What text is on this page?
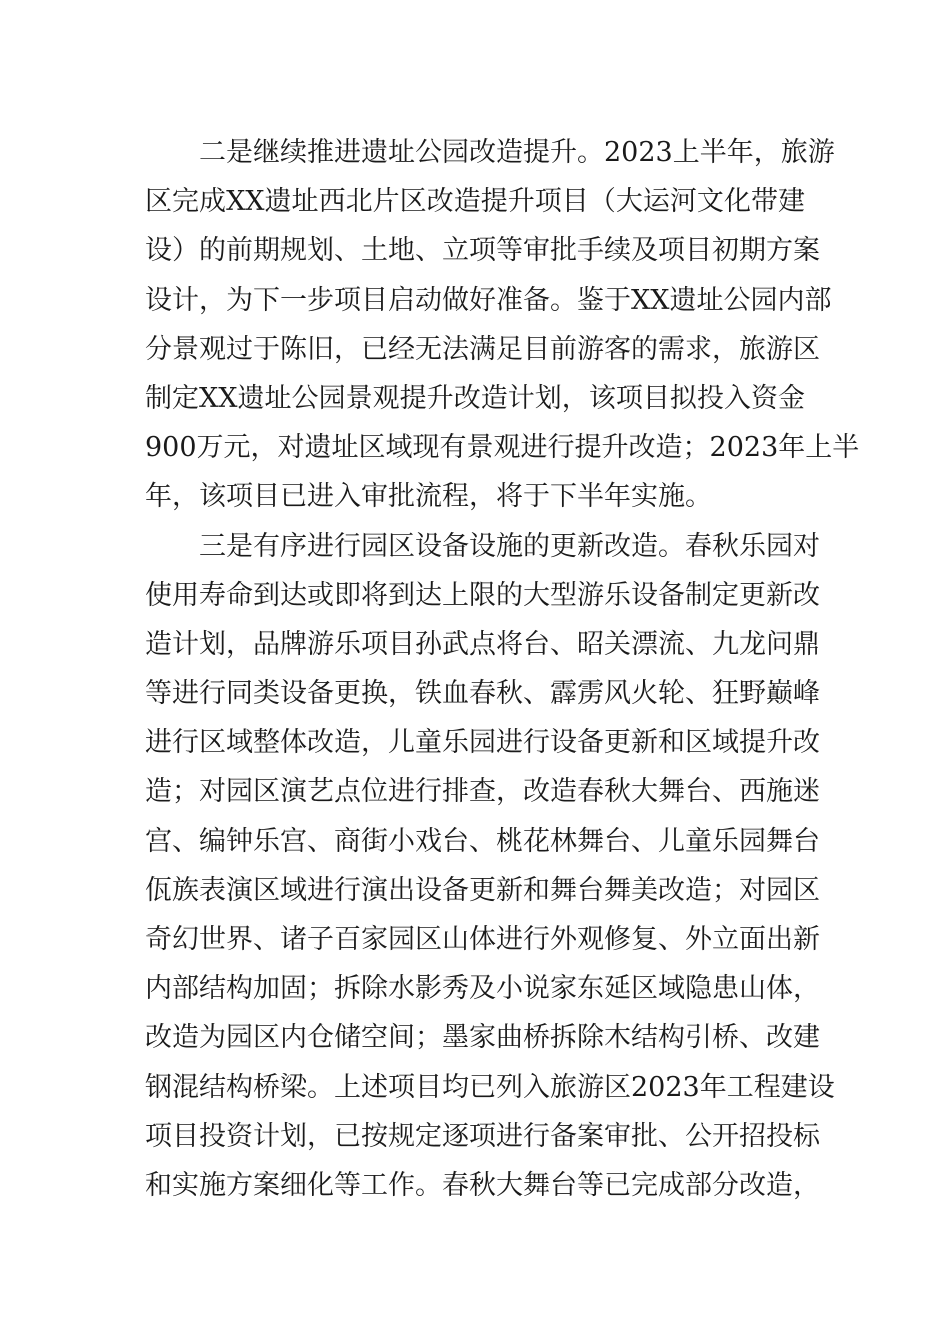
二是继续推进遗址公园改造提升。2023上半年，旅游
区完成XX遗址西北片区改造提升项目（大运河文化带建
设）的前期规划、土地、立项等审批手续及项目初期方案
设计，为下一步项目启动做好准备。鉴于XX遗址公园内部
分景观过于陈旧，已经无法满足目前游客的需求，旅游区
制定XX遗址公园景观提升改造计划，该项目拟投入资金
900万元，对遗址区域现有景观进行提升改造；2023年上半
年，该项目已进入审批流程，将于下半年实施。
三是有序进行园区设备设施的更新改造。春秋乐园对
使用寿命到达或即将到达上限的大型游乐设备制定更新改
造计划，品牌游乐项目孙武点将台、昭关漂流、九龙问鼎
等进行同类设备更换，铁血春秋、霹雳风火轮、狂野巅峰
进行区域整体改造，儿童乐园进行设备更新和区域提升改
造；对园区演艺点位进行排查，改造春秋大舞台、西施迷
宫、编钟乐宫、商街小戏台、桃花林舞台、儿童乐园舞台
佤族表演区域进行演出设备更新和舞台舞美改造；对园区
奇幻世界、诸子百家园区山体进行外观修复、外立面出新
内部结构加固；拆除水影秀及小说家东延区域隐患山体，
改造为园区内仓储空间；墨家曲桥拆除木结构引桥、改建
钢混结构桥梁。上述项目均已列入旅游区2023年工程建设
项目投资计划，已按规定逐项进行备案审批、公开招投标
和实施方案细化等工作。春秋大舞台等已完成部分改造，
